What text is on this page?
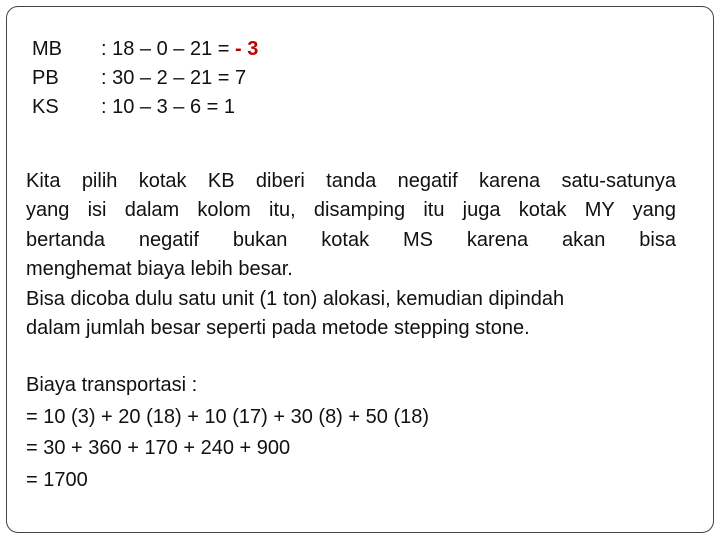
MB : 18 – 0 – 21 = - 3
PB : 30 – 2 – 21 = 7
KS : 10 – 3 – 6 = 1
Kita pilih kotak KB diberi tanda negatif karena satu-satunya
yang isi dalam kolom itu, disamping itu juga kotak MY yang
bertanda negatif bukan kotak MS karena akan bisa
menghemat biaya lebih besar.
Bisa dicoba dulu satu unit (1 ton) alokasi, kemudian dipindah
dalam jumlah besar seperti pada metode stepping stone.
Biaya transportasi :
= 10 (3) + 20 (18) + 10 (17) + 30 (8) + 50 (18)
= 30 + 360 + 170 + 240 + 900
= 1700
